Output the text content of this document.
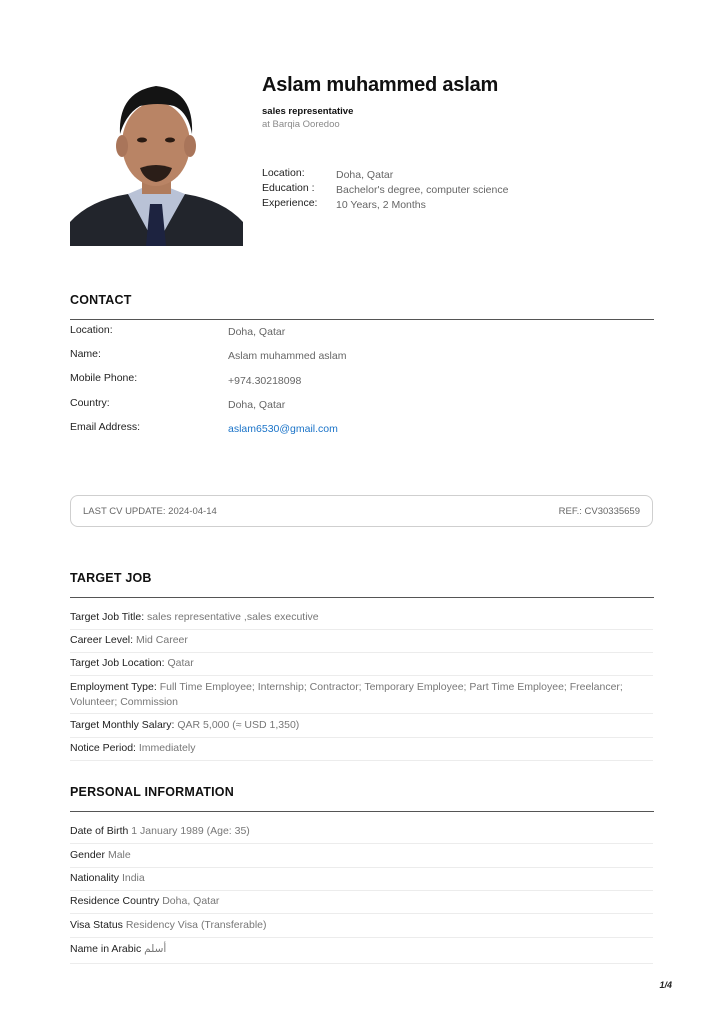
Aslam muhammed aslam
sales representative
at Barqia Ooredoo
Location:	Doha, Qatar
Education : Bachelor's degree, computer science
Experience: 10 Years, 2 Months
CONTACT
Location:	Doha, Qatar
Name:	Aslam muhammed aslam
Mobile Phone:	+974.30218098
Country:	Doha, Qatar
Email Address:	aslam6530@gmail.com
LAST CV UPDATE: 2024-04-14	REF.: CV30335659
TARGET JOB
Target Job Title: sales representative ,sales executive
Career Level: Mid Career
Target Job Location: Qatar
Employment Type: Full Time Employee; Internship; Contractor; Temporary Employee; Part Time Employee; Freelancer; Volunteer; Commission
Target Monthly Salary: QAR 5,000 (≈ USD 1,350)
Notice Period: Immediately
PERSONAL INFORMATION
Date of Birth 1 January 1989 (Age: 35)
Gender Male
Nationality India
Residence Country Doha, Qatar
Visa Status Residency Visa (Transferable)
Name in Arabic أسلم
1/4
